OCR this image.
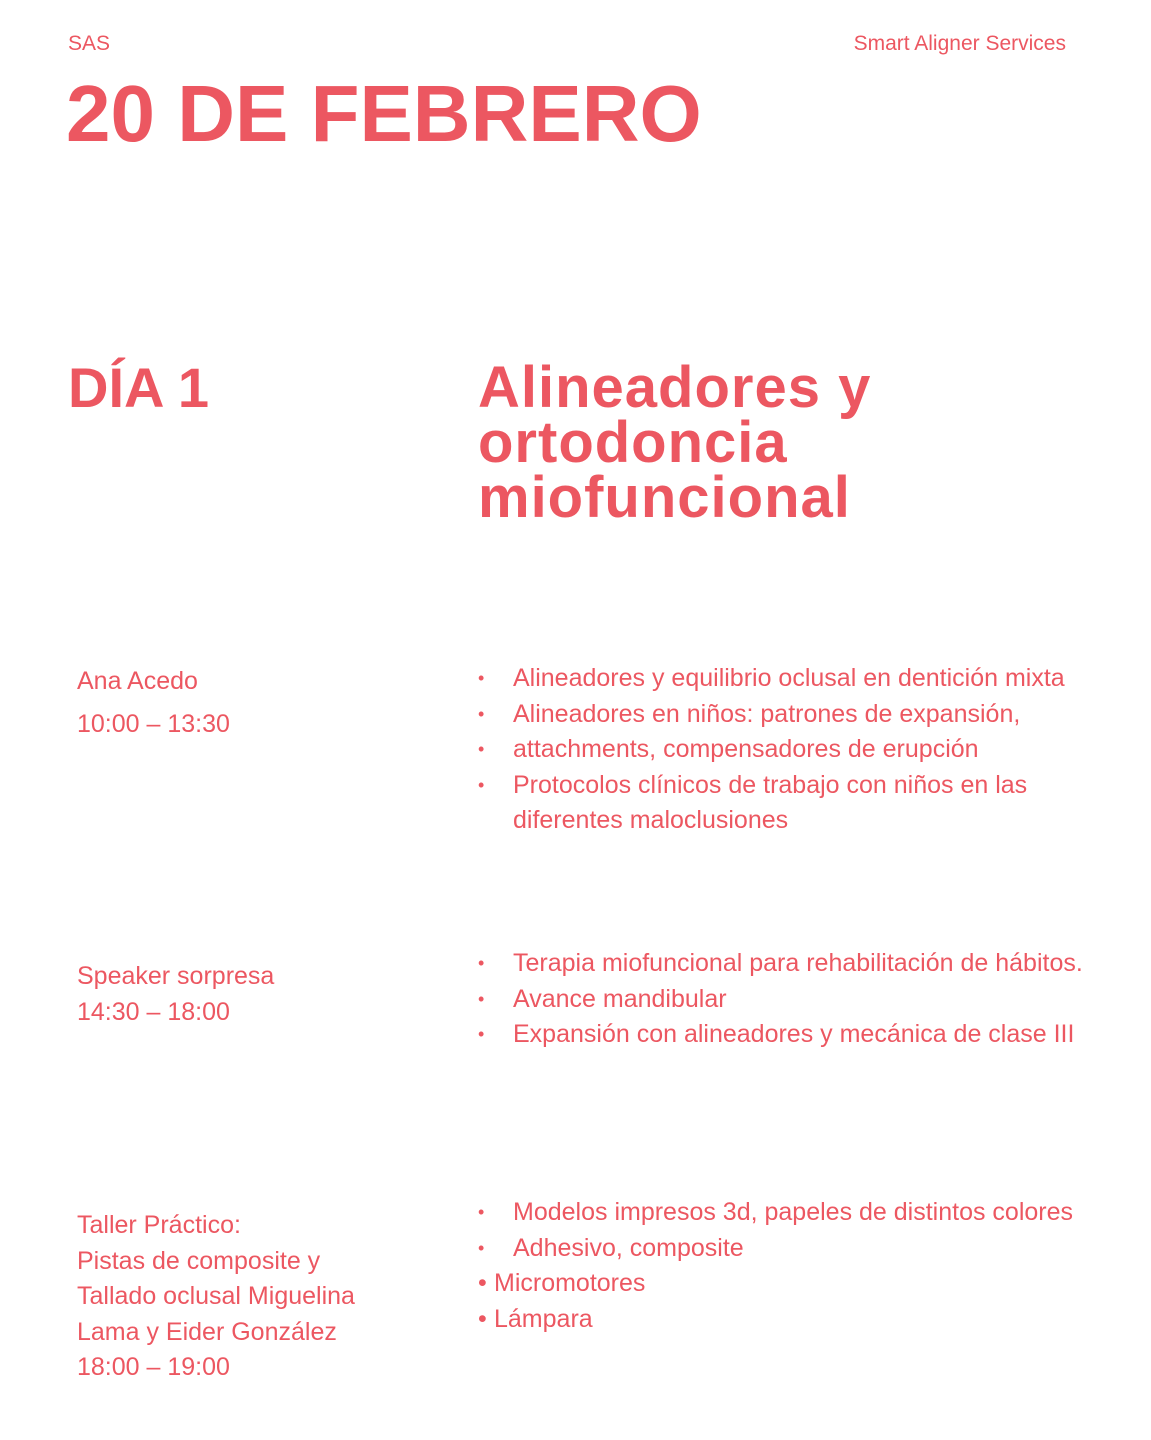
SAS	Smart Aligner Services
20 DE FEBRERO
DÍA 1	Alineadores y
ortodoncia
miofuncional
Ana Acedo
10:00 – 13:30
• Alineadores y equilibrio oclusal en dentición mixta
• Alineadores en niños: patrones de expansión,
• attachments, compensadores de erupción
• Protocolos clínicos de trabajo con niños en las diferentes maloclusiones
Speaker sorpresa
14:30 – 18:00
• Terapia miofuncional para rehabilitación de hábitos.
• Avance mandibular
• Expansión con alineadores y mecánica de clase III
Taller Práctico:
Pistas de composite y
Tallado oclusal Miguelina
Lama y Eider González
18:00 – 19:00
• Modelos impresos 3d, papeles de distintos colores
• Adhesivo, composite
• Micromotores
• Lámpara
